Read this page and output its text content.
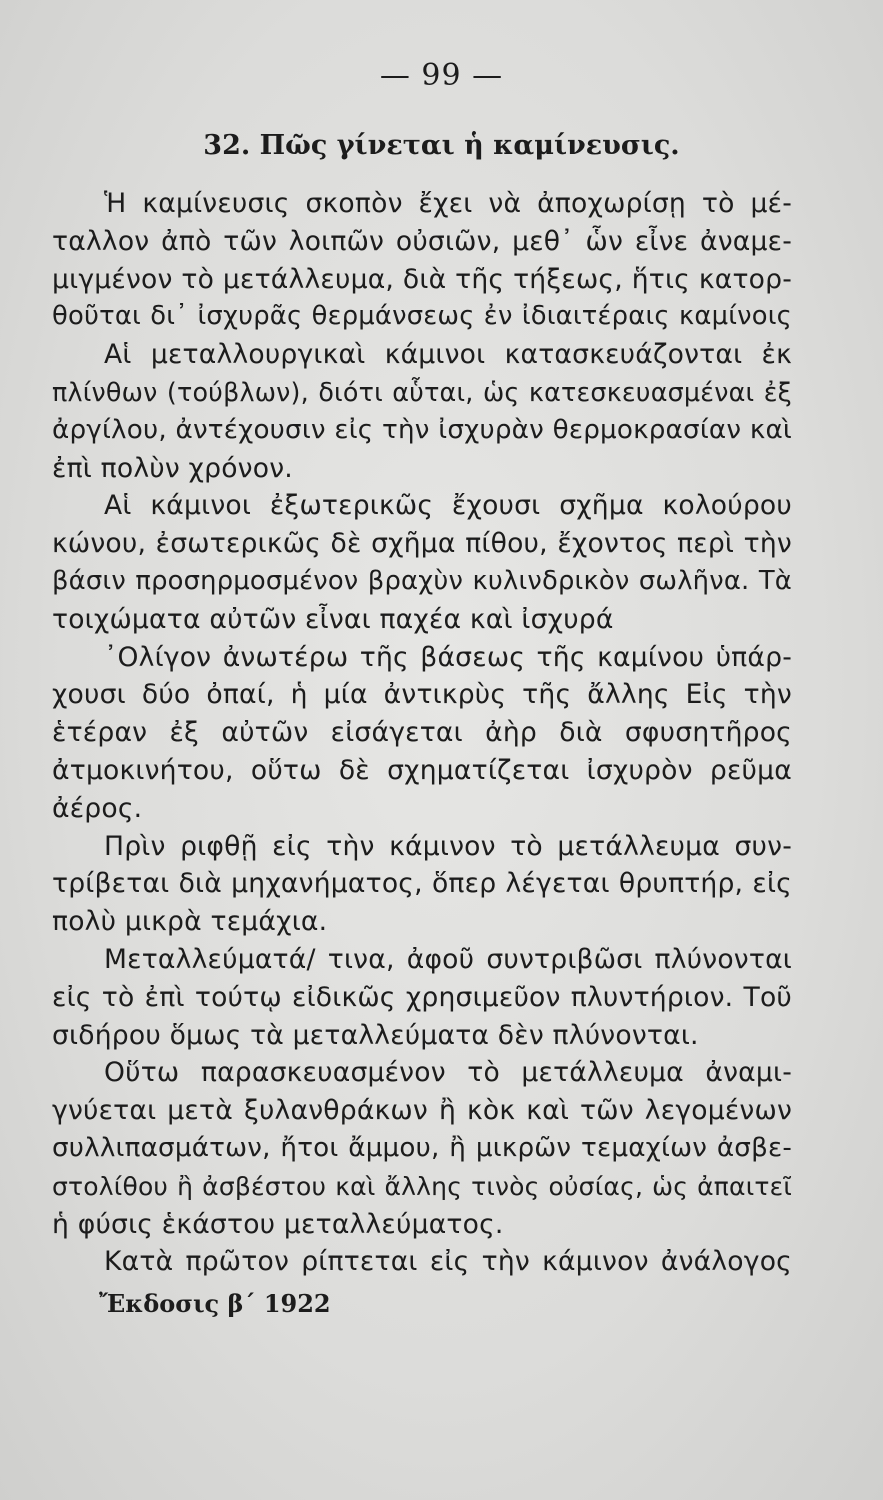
— 99 —
32. Πῶς γίνεται ἡ καμίνευσις.
Ἡ καμίνευσις σκοπὸν ἔχει νὰ ἀποχωρίσῃ τὸ μέ-
ταλλον ἀπὸ τῶν λοιπῶν οὐσιῶν, μεθ᾽ ὧν εἶνε ἀναμε-
μιγμένον τὸ μετάλλευμα, διὰ τῆς τήξεως, ἥτις κατορ-
θοῦται δι᾽ ἰσχυρᾶς θερμάνσεως ἐν ἰδιαιτέραις καμίνοις
Αἱ μεταλλουργικαὶ κάμινοι κατασκευάζονται ἐκ
πλίνθων (τούβλων), διότι αὗται, ὡς κατεσκευασμέναι ἐξ
ἀργίλου, ἀντέχουσιν εἰς τὴν ἰσχυρὰν θερμοκρασίαν καὶ
ἐπὶ πολὺν χρόνον.
Αἱ κάμινοι ἐξωτερικῶς ἔχουσι σχῆμα κολούρου
κώνου, ἐσωτερικῶς δὲ σχῆμα πίθου, ἔχοντος περὶ τὴν
βάσιν προσηρμοσμένον βραχὺν κυλινδρικὸν σωλῆνα. Τὰ
τοιχώματα αὐτῶν εἶναι παχέα καὶ ἰσχυρά
᾽Ολίγον ἀνωτέρω τῆς βάσεως τῆς καμίνου ὑπάρ-
χουσι δύο ὀπαί, ἡ μία ἀντικρὺς τῆς ἄλλης Εἰς τὴν
ἑτέραν ἐξ αὐτῶν εἰσάγεται ἀὴρ διὰ σφυσητῆρος
ἀτμοκινήτου, οὕτω δὲ σχηματίζεται ἰσχυρὸν ρεῦμα
ἀέρος.
Πρὶν ριφθῇ εἰς τὴν κάμινον τὸ μετάλλευμα συν-
τρίβεται διὰ μηχανήματος, ὅπερ λέγεται θρυπτήρ, εἰς
πολὺ μικρὰ τεμάχια.
Μεταλλεύματά/ τινα, ἀφοῦ συντριβῶσι πλύνονται
εἰς τὸ ἐπὶ τούτῳ εἰδικῶς χρησιμεῦον πλυντήριον. Τοῦ
σιδήρου ὅμως τὰ μεταλλεύματα δὲν πλύνονται.
Οὕτω παρασκευασμένον τὸ μετάλλευμα ἀναμι-
γνύεται μετὰ ξυλανθράκων ἢ κὸκ καὶ τῶν λεγομένων
συλλιπασμάτων, ἤτοι ἄμμου, ἢ μικρῶν τεμαχίων ἀσβε-
στολίθου ἢ ἀσβέστου καὶ ἄλλης τινὸς οὐσίας, ὡς ἀπαιτεῖ
ἡ φύσις ἑκάστου μεταλλεύματος.
Κατὰ πρῶτον ρίπτεται εἰς τὴν κάμινον ἀνάλογος
Ἔκδοσις β΄ 1922
